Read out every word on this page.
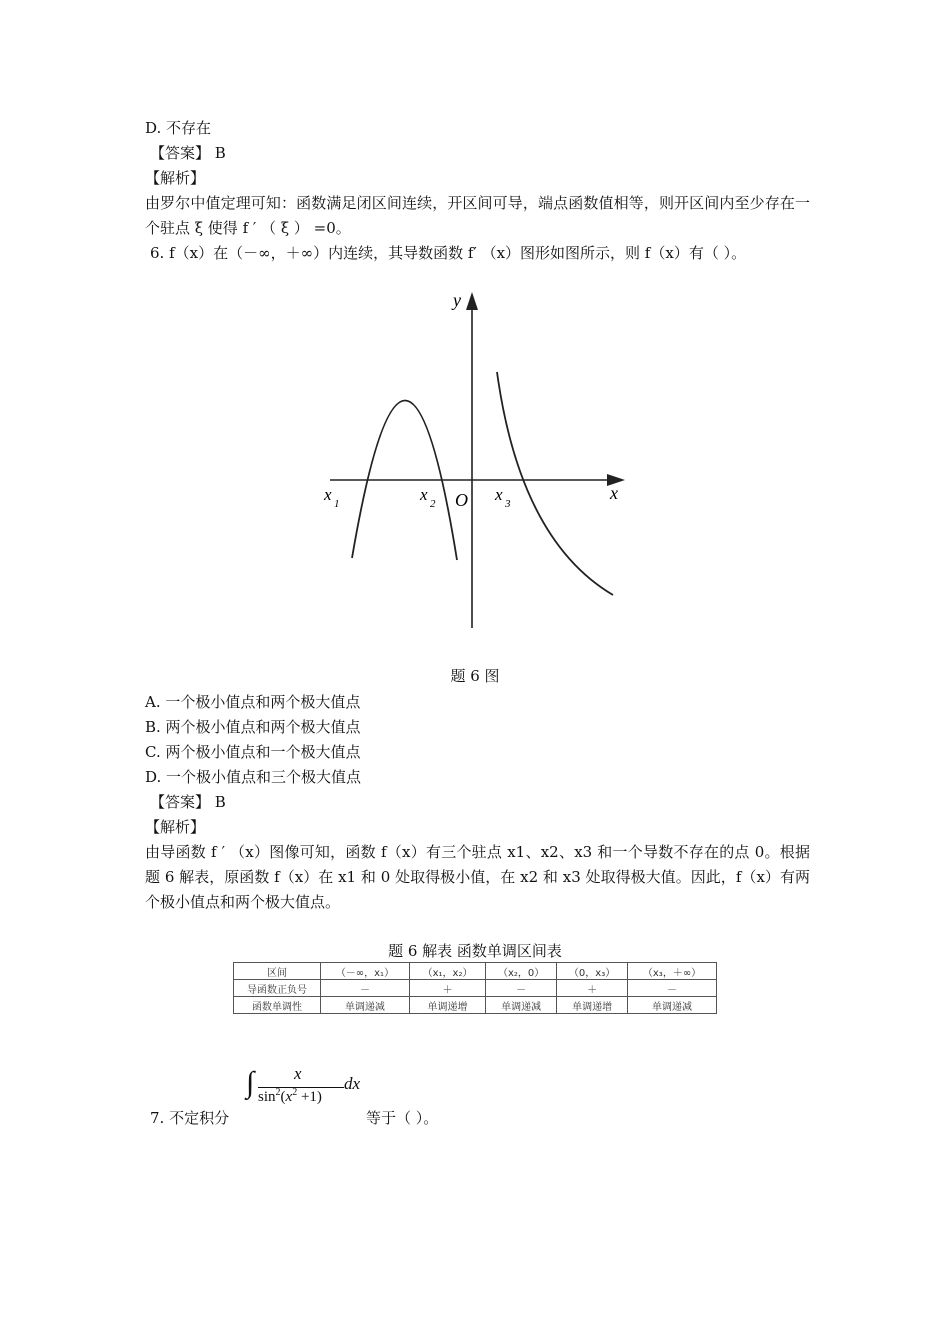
D. 不存在
【答案】 B
【解析】
由罗尔中值定理可知：函数满足闭区间连续，开区间可导，端点函数值相等，则开区间内至少存在一个驻点 ξ 使得 f ′ （ ξ ） =0。
6. f（x）在（－∞，＋∞）内连续，其导数函数 f′ （x）图形如图所示，则 f（x）有（ ）。
y
x
x 1	x 2 O x 3
题 6 图
A. 一个极小值点和两个极大值点
B. 两个极小值点和两个极大值点
C. 两个极小值点和一个极大值点
D. 一个极小值点和三个极大值点
【答案】 B
【解析】
由导函数 f ′ （x）图像可知，函数 f（x）有三个驻点 x1、x2、x3 和一个导数不存在的点 0。根据题 6 解表，原函数 f（x）在 x1 和 0 处取得极小值，在 x2 和 x3 处取得极大值。因此，f（x）有两个极小值点和两个极大值点。
题 6 解表 函数单调区间表
区间	（－∞，x₁）	（x₁，x₂）	（x₂，0）	（0，x₃）	（x₃，＋∞）
导函数正负号	－	＋	－	＋	－
函数单调性	单调递减	单调递增	单调递减	单调递增	单调递减
∫ x
$\sin^2(x^2 +1)$
dx
7. 不定积分	等于（ ）。
